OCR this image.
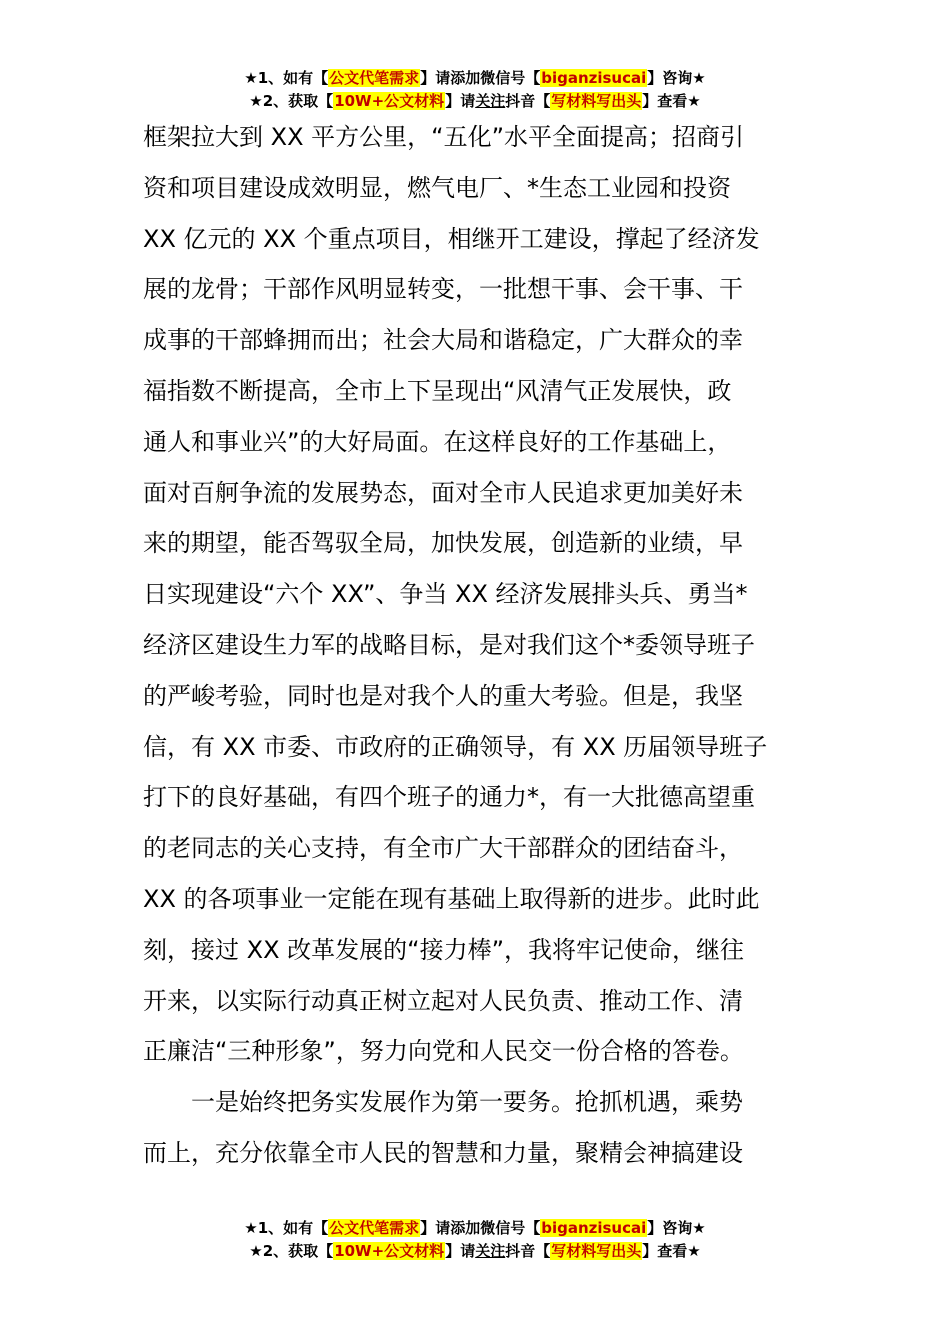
★1、如有【公文代笔需求】请添加微信号【biganzisucai】咨询★
★2、获取【10W+公文材料】请关注抖音【写材料写出头】查看★
框架拉大到 XX 平方公里，“五化”水平全面提高；招商引
资和项目建设成效明显，燃气电厂、*生态工业园和投资
XX 亿元的 XX 个重点项目，相继开工建设，撑起了经济发
展的龙骨；干部作风明显转变，一批想干事、会干事、干
成事的干部蜂拥而出；社会大局和谐稳定，广大群众的幸
福指数不断提高，全市上下呈现出“风清气正发展快，政
通人和事业兴”的大好局面。在这样良好的工作基础上，
面对百舸争流的发展势态，面对全市人民追求更加美好未
来的期望，能否驾驭全局，加快发展，创造新的业绩，早
日实现建设“六个 XX”、争当 XX 经济发展排头兵、勇当*
经济区建设生力军的战略目标，是对我们这个*委领导班子
的严峻考验，同时也是对我个人的重大考验。但是，我坚
信，有 XX 市委、市政府的正确领导，有 XX 历届领导班子
打下的良好基础，有四个班子的通力*，有一大批德高望重
的老同志的关心支持，有全市广大干部群众的团结奋斗，
XX 的各项事业一定能在现有基础上取得新的进步。此时此
刻，接过 XX 改革发展的“接力棒”，我将牢记使命，继往
开来，以实际行动真正树立起对人民负责、推动工作、清
正廉洁“三种形象”，努力向党和人民交一份合格的答卷。
一是始终把务实发展作为第一要务。抢抓机遇，乘势
而上，充分依靠全市人民的智慧和力量，聚精会神搞建设
★1、如有【公文代笔需求】请添加微信号【biganzisucai】咨询★
★2、获取【10W+公文材料】请关注抖音【写材料写出头】查看★
